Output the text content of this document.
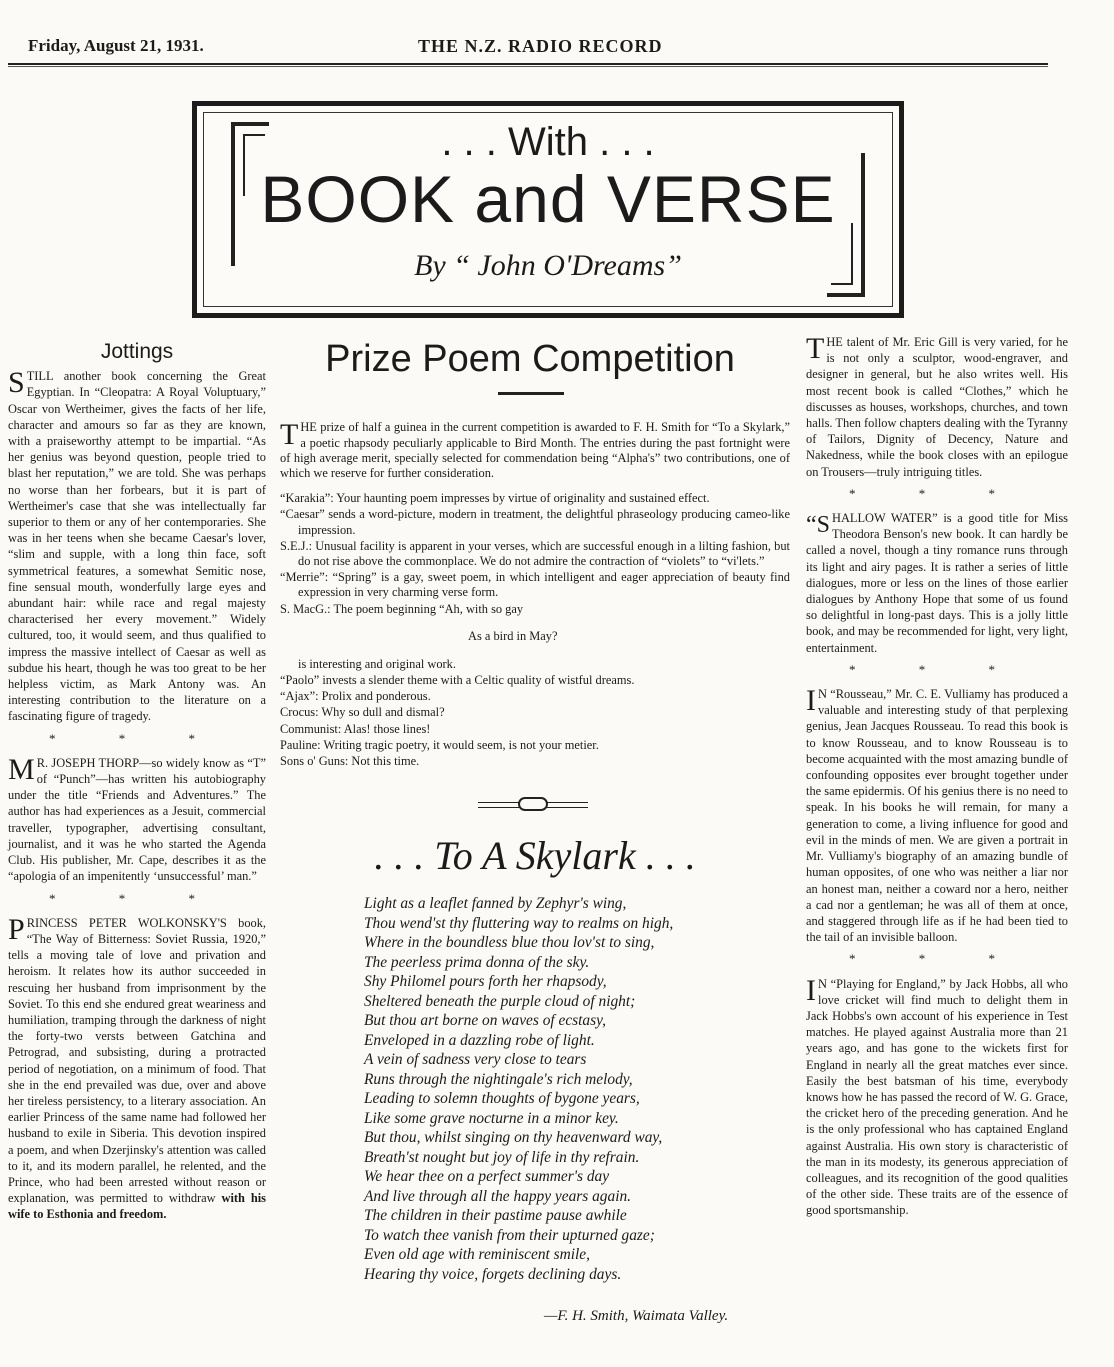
Friday, August 21, 1931.	THE N.Z. RADIO RECORD
. . . With . . .
BOOK and VERSE
By “ John O'Dreams”
Jottings

STILL another book concerning the Great Egyptian. In “Cleopatra: A Royal Voluptuary,” Oscar von Wertheimer, gives the facts of her life, character and amours so far as they are known, with a praiseworthy attempt to be impartial. “As her genius was beyond question, people tried to blast her reputation,” we are told. She was perhaps no worse than her forbears, but it is part of Wertheimer's case that she was intellectually far superior to them or any of her contemporaries. She was in her teens when she became Caesar's lover, “slim and supple, with a long thin face, soft symmetrical features, a somewhat Semitic nose, fine sensual mouth, wonderfully large eyes and abundant hair: while race and regal majesty characterised her every movement.” Widely cultured, too, it would seem, and thus qualified to impress the massive intellect of Caesar as well as subdue his heart, though he was too great to be her helpless victim, as Mark Antony was. An interesting contribution to the literature on a fascinating figure of tragedy.

* * *

M R. JOSEPH THORP—so widely know as “T” of “Punch”—has written his autobiography under the title “Friends and Adventures.” The author has had experiences as a Jesuit, commercial traveller, typographer, advertising consultant, journalist, and it was he who started the Agenda Club. His publisher, Mr. Cape, describes it as the “apologia of an impenitently ‘unsuccessful’ man.”

* * *

PRINCESS PETER WOLKONSKY'S book, “The Way of Bitterness: Soviet Russia, 1920,” tells a moving tale of love and privation and heroism. It relates how its author succeeded in rescuing her husband from imprisonment by the Soviet. To this end she endured great weariness and humiliation, tramping through the darkness of night the forty-two versts between Gatchina and Petrograd, and subsisting, during a protracted period of negotiation, on a minimum of food. That she in the end prevailed was due, over and above her tireless persistency, to a literary association. An earlier Princess of the same name had followed her husband to exile in Siberia. This devotion inspired a poem, and when Dzerjinsky's attention was called to it, and its modern parallel, he relented, and the Prince, who had been arrested without reason or explanation, was permitted to withdraw with his wife to Esthonia and freedom.

Prize Poem Competition

THE prize of half a guinea in the current competition is awarded to F. H. Smith for “To a Skylark,” a poetic rhapsody peculiarly applicable to Bird Month. The entries during the past fortnight were of high average merit, specially selected for commendation being “Alpha's” two contributions, one of which we reserve for further consideration.

“Karakia”: Your haunting poem impresses by virtue of originality and sustained effect.

“Caesar” sends a word-picture, modern in treatment, the delightful phraseology producing cameo-like impression.

S.E.J.: Unusual facility is apparent in your verses, which are successful enough in a lilting fashion, but do not rise above the commonplace. We do not admire the contraction of “violets” to “vi'lets.”

“Merrie”: “Spring” is a gay, sweet poem, in which intelligent and eager appreciation of beauty find expression in very charming verse form.

S. MacG.: The poem beginning “Ah, with so gay

As a bird in May?

is interesting and original work.

“Paolo” invests a slender theme with a Celtic quality of wistful dreams.

“Ajax”: Prolix and ponderous.

Crocus: Why so dull and dismal?

Communist: Alas! those lines!

Pauline: Writing tragic poetry, it would seem, is not your metier.

Sons o' Guns: Not this time.

. . . To A Skylark . . .
Light as a leaflet fanned by Zephyr's wing,
Thou wend'st thy fluttering way to realms on high,
Where in the boundless blue thou lov'st to sing,
The peerless prima donna of the sky.
Shy Philomel pours forth her rhapsody,
Sheltered beneath the purple cloud of night;
But thou art borne on waves of ecstasy,
Enveloped in a dazzling robe of light.
A vein of sadness very close to tears
Runs through the nightingale's rich melody,
Leading to solemn thoughts of bygone years,
Like some grave nocturne in a minor key.
But thou, whilst singing on thy heavenward way,
Breath'st nought but joy of life in thy refrain.
We hear thee on a perfect summer's day
And live through all the happy years again.
The children in their pastime pause awhile
To watch thee vanish from their upturned gaze;
Even old age with reminiscent smile,
Hearing thy voice, forgets declining days.
—F. H. Smith, Waimata Valley.

THE talent of Mr. Eric Gill is very varied, for he is not only a sculptor, wood-engraver, and designer in general, but he also writes well. His most recent book is called “Clothes,” which he discusses as houses, workshops, churches, and town halls. Then follow chapters dealing with the Tyranny of Tailors, Dignity of Decency, Nature and Nakedness, while the book closes with an epilogue on Trousers—truly intriguing titles.

* * *

“SHALLOW WATER” is a good title for Miss Theodora Benson's new book. It can hardly be called a novel, though a tiny romance runs through its light and airy pages. It is rather a series of little dialogues, more or less on the lines of those earlier dialogues by Anthony Hope that some of us found so delightful in long-past days. This is a jolly little book, and may be recommended for light, very light, entertainment.

* * *

I N “Rousseau,” Mr. C. E. Vulliamy has produced a valuable and interesting study of that perplexing genius, Jean Jacques Rousseau. To read this book is to know Rousseau, and to know Rousseau is to become acquainted with the most amazing bundle of confounding opposites ever brought together under the same epidermis. Of his genius there is no need to speak. In his books he will remain, for many a generation to come, a living influence for good and evil in the minds of men. We are given a portrait in Mr. Vulliamy's biography of an amazing bundle of human opposites, of one who was neither a liar nor an honest man, neither a coward nor a hero, neither a cad nor a gentleman; he was all of them at once, and staggered through life as if he had been tied to the tail of an invisible balloon.

* * *

I N “Playing for England,” by Jack Hobbs, all who love cricket will find much to delight them in Jack Hobbs's own account of his experience in Test matches. He played against Australia more than 21 years ago, and has gone to the wickets first for England in nearly all the great matches ever since. Easily the best batsman of his time, everybody knows how he has passed the record of W. G. Grace, the cricket hero of the preceding generation. And he is the only professional who has captained England against Australia. His own story is characteristic of the man in its modesty, its generous appreciation of colleagues, and its recognition of the good qualities of the other side. These traits are of the essence of good sportsmanship.
